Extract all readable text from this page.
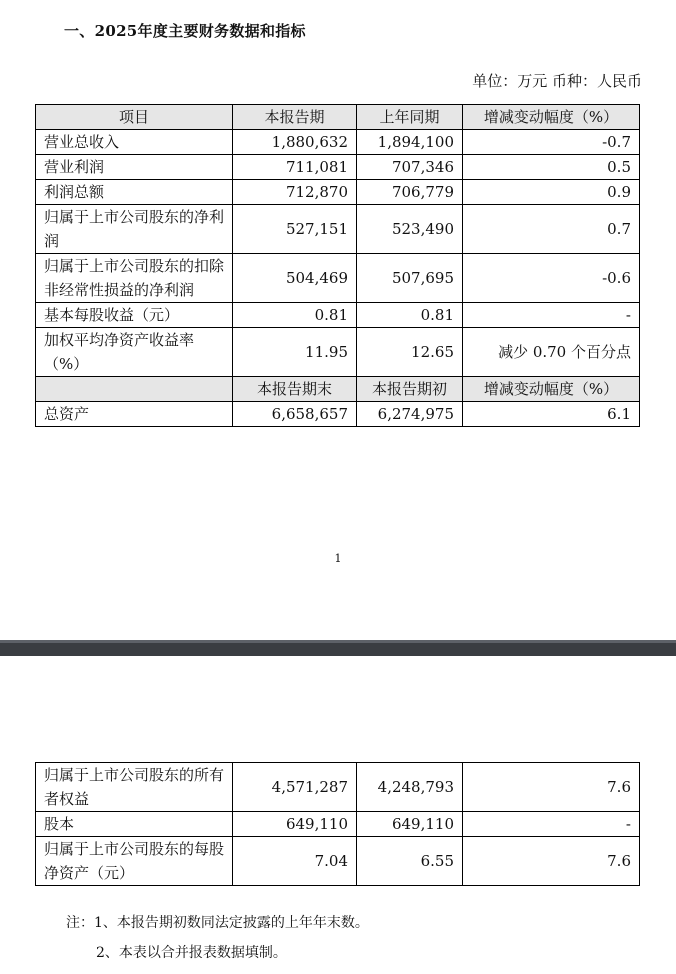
一、2025年度主要财务数据和指标
单位：万元 币种：人民币
项目	本报告期	上年同期	增减变动幅度（%）
营业总收入	1,880,632	1,894,100	-0.7
营业利润	711,081	707,346	0.5
利润总额	712,870	706,779	0.9
归属于上市公司股东的净利润	527,151	523,490	0.7
归属于上市公司股东的扣除非经常性损益的净利润	504,469	507,695	-0.6
基本每股收益（元）	0.81	0.81	-
加权平均净资产收益率（%）	11.95	12.65	减少 0.70 个百分点
	本报告期末	本报告期初	增减变动幅度（%）
总资产	6,658,657	6,274,975	6.1
1
归属于上市公司股东的所有者权益	4,571,287	4,248,793	7.6
股本	649,110	649,110	-
归属于上市公司股东的每股净资产（元）	7.04	6.55	7.6
注：1、本报告期初数同法定披露的上年年末数。
2、本表以合并报表数据填制。
